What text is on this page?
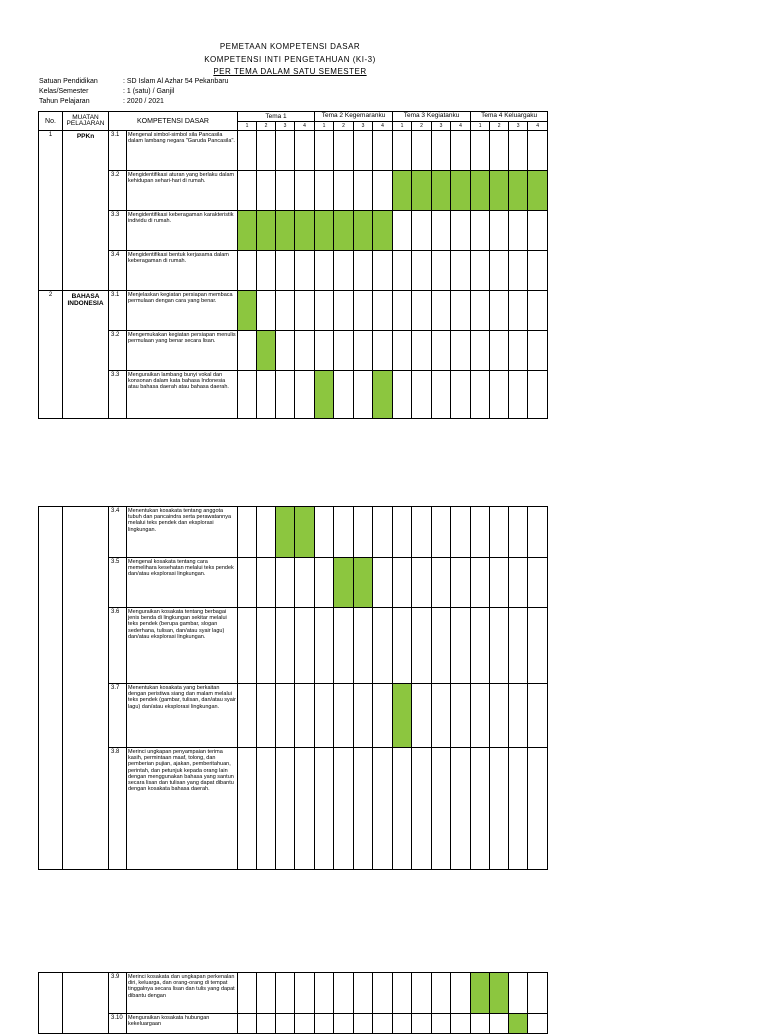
PEMETAAN KOMPETENSI DASAR
KOMPETENSI INTI PENGETAHUAN (KI-3)
PER TEMA DALAM SATU SEMESTER
Satuan Pendidikan	: SD Islam Al Azhar 54 Pekanbaru
Kelas/Semester	: 1 (satu) / Ganjil
Tahun Pelajaran	: 2020 / 2021
No.	MUATAN PELAJARAN	KOMPETENSI DASAR		Tema 1				Tema 2 Kegemaranku				Tema 3 Kegiatanku				Tema 4 Keluargaku			
				1	2	3	4	1	2	3	4	1	2	3	4	1	2	3	4
1	PPKn	3.1	Mengenal simbol-simbol sila Pancasila dalam lambang negara "Garuda Pancasila".																
		3.2	Mengidentifikasi aturan yang berlaku dalam kehidupan sehari-hari di rumah.																
		3.3	Mengidentifikasi keberagaman karakteristik individu di rumah.																
		3.4	Mengidentifikasi bentuk kerjasama dalam keberagaman di rumah.																
2	BAHASA INDONESIA	3.1	Menjelaskan kegiatan persiapan membaca permulaan dengan cara yang benar.																
		3.2	Mengemukakan kegiatan persiapan menulis permulaan yang benar secara lisan.																
		3.3	Menguraikan lambang bunyi vokal dan konsonan dalam kata bahasa Indonesia atau bahasa daerah atau bahasa daerah.																
		3.4	Menentukan kosakata tentang anggota tubuh dan pancaindra serta perawatannya melalui teks pendek dan eksplorasi lingkungan.																
		3.5	Mengenal kosakata tentang cara memelihara kesehatan melalui teks pendek dan/atau eksplorasi lingkungan.																
		3.6	Menguraikan kosakata tentang berbagai jenis benda di lingkungan sekitar melalui teks pendek (berupa gambar, slogan sederhana, tulisan, dan/atau syair lagu) dan/atau eksplorasi lingkungan.																
		3.7	Menentukan kosakata yang berkaitan dengan peristiwa siang dan malam melalui teks pendek (gambar, tulisan, dan/atau syair lagu) dan/atau eksplorasi lingkungan.																
		3.8	Merinci ungkapan penyampaian terima kasih, permintaan maaf, tolong, dan pemberian pujian, ajakan, pemberitahuan, perintah, dan petunjuk kepada orang lain dengan menggunakan bahasa yang santun secara lisan dan tulisan yang dapat dibantu dengan kosakata bahasa daerah.																
		3.9	Merinci kosakata dan ungkapan perkenalan diri, keluarga, dan orang-orang di tempat tinggalnya secara lisan dan tulis yang dapat dibantu dengan																
		3.10	Menguraikan kosakata hubungan kekeluargaan																
